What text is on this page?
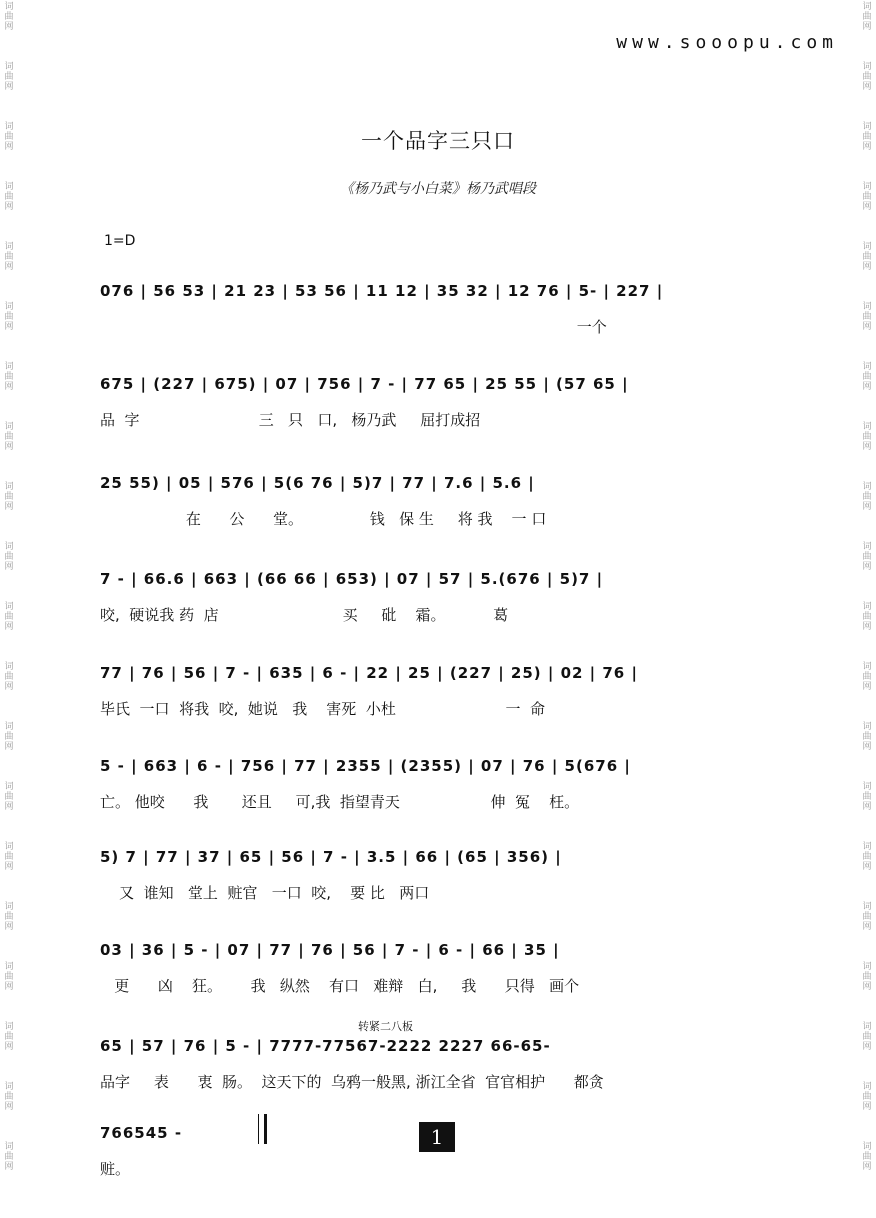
词
曲
网
词
曲
网
词
曲
网
词
曲
网
词
曲
网
词
曲
网
词
曲
网
词
曲
网
词
曲
网
词
曲
网
词
曲
网
词
曲
网
词
曲
网
词
曲
网
词
曲
网
词
曲
网
词
曲
网
词
曲
网
词
曲
网
词
曲
网
词
曲
网
词
曲
网
词
曲
网
词
曲
网
词
曲
网
词
曲
网
词
曲
网
词
曲
网
词
曲
网
词
曲
网
词
曲
网
词
曲
网
词
曲
网
词
曲
网
词
曲
网
词
曲
网
词
曲
网
词
曲
网
词
曲
网
词
曲
网
www.sooopu.com
一个品字三只口
《杨乃武与小白菜》杨乃武唱段
1=D
076 | 56 53 | 21 23 | 53 56 | 11 12 | 35 32 | 12 76 | 5- | 227 |
一个
675 | (227 | 675) | 07 | 756 | 7 - | 77 65 | 25 55 | (57 65 |
品  字                         三   只   口,   杨乃武     屈打成招
25 55) | 05 | 576 | 5(6 76 | 5)7 | 77 | 7.6 | 5.6 |
在      公      堂。              钱   保 生     将 我    一 口
7 - | 66.6 | 663 | (66 66 | 653) | 07 | 57 | 5.(676 | 5)7 |
咬,  硬说我 药  店                          买     砒    霜。          葛
77 | 76 | 56 | 7 - | 635 | 6 - | 22 | 25 | (227 | 25) | 02 | 76 |
毕氏  一口  将我  咬,  她说   我    害死  小杜                       一  命
5 - | 663 | 6 - | 756 | 77 | 2355 | (2355) | 07 | 76 | 5(676 |
亡。 他咬      我       还且     可,我  指望青天                   伸  冤    枉。
5) 7 | 77 | 37 | 65 | 56 | 7 - | 3.5 | 66 | (65 | 356) |
又  谁知   堂上  赃官   一口  咬,    要 比   两口
03 | 36 | 5 - | 07 | 77 | 76 | 56 | 7 - | 6 - | 66 | 35 |
更      凶    狂。      我   纵然    有口   难辩   白,     我      只得   画个
转紧二八板
65 | 57 | 76 | 5 - | 7777-77567-2222 2227 66-65-
品字     表      衷  肠。  这天下的  乌鸦一般黑, 浙江全省  官官相护      都贪
766545 -
赃。
1
